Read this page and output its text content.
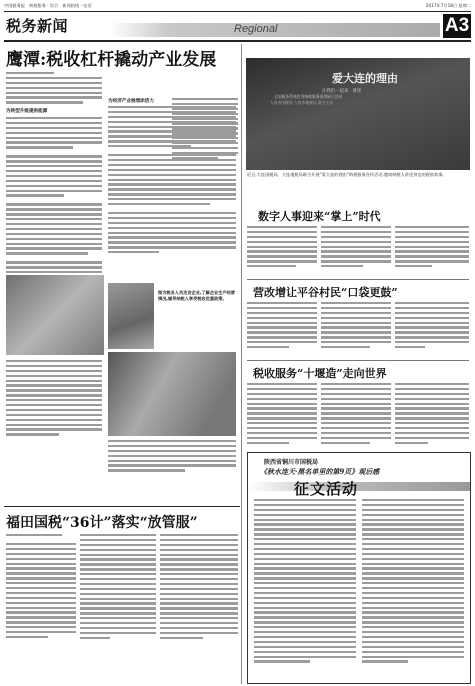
中国税务报　纳税服务 · 综合　新闻热线 · 电话	2017年7月18日 星期二
税务新闻	Regional	A3
鹰潭:税收杠杆撬动产业发展
为转型升级提供能源
为经济产业链增添活力
图为税务人员走访企业,了解企业生产经营情况,辅导纳税人享受税收优惠政策。
爱大连的理由
让我们一起来 · 讲述
全国税务系统优秀纳税服务案例展示活动
大连市国税局 大连市地税局 联合主办
近日,大连国税局、大连地税局联合开展“爱大连的理由”纳税服务宣传活动,邀请纳税人讲述身边的税收故事。
数字人事迎来“掌上”时代
营改增让平谷村民“口袋更鼓”
税收服务“十堰造”走向世界
福田国税“36计”落实“放管服”
陕西省铜川市国税局
《秋水连天·黑名单里的第9页》观后感
征文活动
